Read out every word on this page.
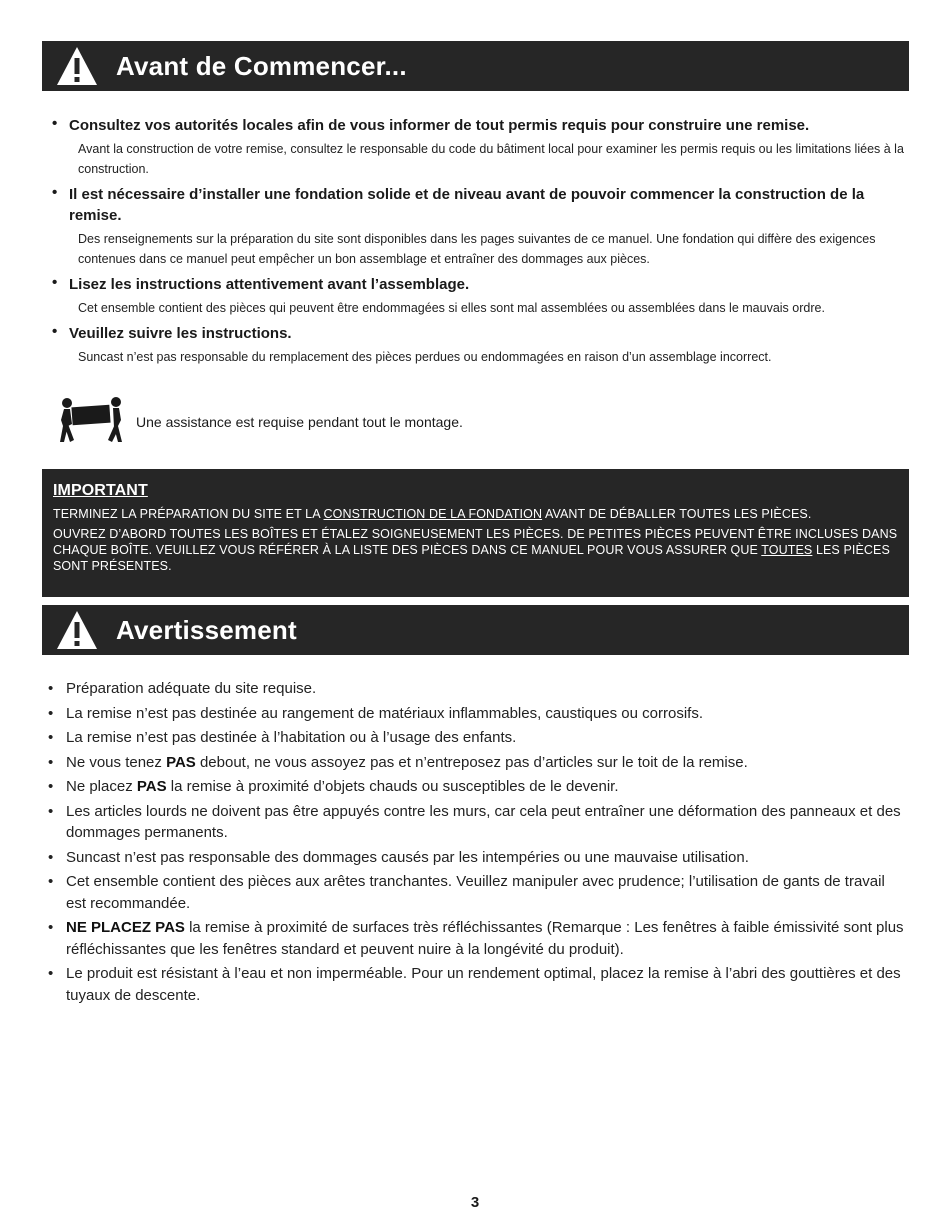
Avant de Commencer...
• Consultez vos autorités locales afin de vous informer de tout permis requis pour construire une remise.
Avant la construction de votre remise, consultez le responsable du code du bâtiment local pour examiner les permis requis ou les limitations liées à la construction.
• Il est nécessaire d’installer une fondation solide et de niveau avant de pouvoir commencer la construction de la remise.
Des renseignements sur la préparation du site sont disponibles dans les pages suivantes de ce manuel. Une fondation qui diffère des exigences contenues dans ce manuel peut empêcher un bon assemblage et entraîner des dommages aux pièces.
• Lisez les instructions attentivement avant l’assemblage.
Cet ensemble contient des pièces qui peuvent être endommagées si elles sont mal assemblées ou assemblées dans le mauvais ordre.
• Veuillez suivre les instructions.
Suncast n’est pas responsable du remplacement des pièces perdues ou endommagées en raison d’un assemblage incorrect.
Une assistance est requise pendant tout le montage.
IMPORTANT
TERMINEZ LA PRÉPARATION DU SITE ET LA CONSTRUCTION DE LA FONDATION AVANT DE DÉBALLER TOUTES LES PIÈCES.
OUVREZ D’ABORD TOUTES LES BOÎTES ET ÉTALEZ SOIGNEUSEMENT LES PIÈCES. DE PETITES PIÈCES PEUVENT ÊTRE INCLUSES DANS CHAQUE BOÎTE. VEUILLEZ VOUS RÉFÉRER À LA LISTE DES PIÈCES DANS CE MANUEL POUR VOUS ASSURER QUE TOUTES LES PIÈCES SONT PRÉSENTES.
Avertissement
• Préparation adéquate du site requise.
• La remise n’est pas destinée au rangement de matériaux inflammables, caustiques ou corrosifs.
• La remise n’est pas destinée à l’habitation ou à l’usage des enfants.
• Ne vous tenez PAS debout, ne vous assoyez pas et n’entreposez pas d’articles sur le toit de la remise.
• Ne placez PAS la remise à proximité d’objets chauds ou susceptibles de le devenir.
• Les articles lourds ne doivent pas être appuyés contre les murs, car cela peut entraîner une déformation des panneaux et des dommages permanents.
• Suncast n’est pas responsable des dommages causés par les intempéries ou une mauvaise utilisation.
• Cet ensemble contient des pièces aux arêtes tranchantes. Veuillez manipuler avec prudence; l’utilisation de gants de travail est recommandée.
• NE PLACEZ PAS la remise à proximité de surfaces très réfléchissantes (Remarque : Les fenêtres à faible émissivité sont plus réfléchissantes que les fenêtres standard et peuvent nuire à la longévité du produit).
• Le produit est résistant à l’eau et non imperméable. Pour un rendement optimal, placez la remise à l’abri des gouttières et des tuyaux de descente.
3
